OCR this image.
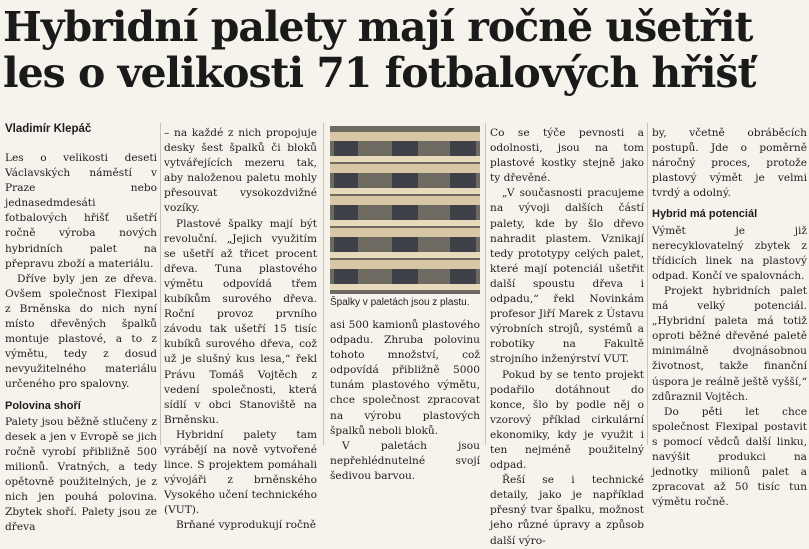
Hybridní palety mají ročně ušetřit
les o velikosti 71 fotbalových hřišť
Vladimír Klepáč

Les o velikosti deseti Václavských náměstí v Praze nebo jednasedmdesáti fotbalových hřišť ušetří ročně výroba nových hybridních palet na přepravu zboží a materiálu.

Dříve byly jen ze dřeva. Ovšem společnost Flexipal z Brněnska do nich nyní místo dřevěných špalků montuje plastové, a to z výmětu, tedy z dosud nevyužitelného materiálu určeného pro spalovny.

Polovina shoří

Palety jsou běžně stlučeny z desek a jen v Evropě se jich ročně vyrobí přibližně 500 milionů. Vratných, a tedy opětovně použitelných, je z nich jen pouhá polovina. Zbytek shoří. Palety jsou ze dřeva

– na každé z nich propojuje desky šest špalků či bloků vytvářejících mezeru tak, aby naloženou paletu mohly přesouvat vysokozdvižné vozíky.

Plastové špalky mají být revoluční. „Jejich využitím se ušetří až třicet procent dřeva. Tuna plastového výmětu odpovídá třem kubíkům surového dřeva. Roční provoz prvního závodu tak ušetří 15 tisíc kubíků surového dřeva, což už je slušný kus lesa,“ řekl Právu Tomáš Vojtěch z vedení společnosti, která sídlí v obci Stanoviště na Brněnsku.

Hybridní palety tam vyrábějí na nově vytvořené lince. S projektem pomáhali vývojáři z brněnského Vysokého učení technického (VUT).

Brňané vyprodukují ročně

Špalky v paletách jsou z plastu.

asi 500 kamionů plastového odpadu. Zhruba polovinu tohoto množství, což odpovídá přibližně 5000 tunám plastového výmětu, chce společnost zpracovat na výrobu plastových špalků neboli bloků.

V paletách jsou nepřehlédnutelné svojí šedivou barvou.

Co se týče pevnosti a odolnosti, jsou na tom plastové kostky stejně jako ty dřevěné.

„V současnosti pracujeme na vývoji dalších částí palety, kde by šlo dřevo nahradit plastem. Vznikají tedy prototypy celých palet, které mají potenciál ušetřit další spoustu dřeva i odpadu,“ řekl Novinkám profesor Jiří Marek z Ústavu výrobních strojů, systémů a robotiky na Fakultě strojního inženýrství VUT.

Pokud by se tento projekt podařilo dotáhnout do konce, šlo by podle něj o vzorový příklad cirkulární ekonomiky, kdy je využit i ten nejméně použitelný odpad.

Řeší se i technické detaily, jako je například přesný tvar špalku, možnost jeho různé úpravy a způsob další výro-

by, včetně obráběcích postupů. Jde o poměrně náročný proces, protože plastový výmět je velmi tvrdý a odolný.

Hybrid má potenciál

Výmět je již nerecyklovatelný zbytek z třídicích linek na plastový odpad. Končí ve spalovnách.

Projekt hybridních palet má velký potenciál. „Hybridní paleta má totiž oproti běžné dřevěné paletě minimálně dvojnásobnou životnost, takže finanční úspora je reálně ještě vyšší,“ zdůraznil Vojtěch.

Do pěti let chce společnost Flexipal postavit s pomocí vědců další linku, navýšit produkci na jednotky milionů palet a zpracovat až 50 tisíc tun výmětu ročně.
